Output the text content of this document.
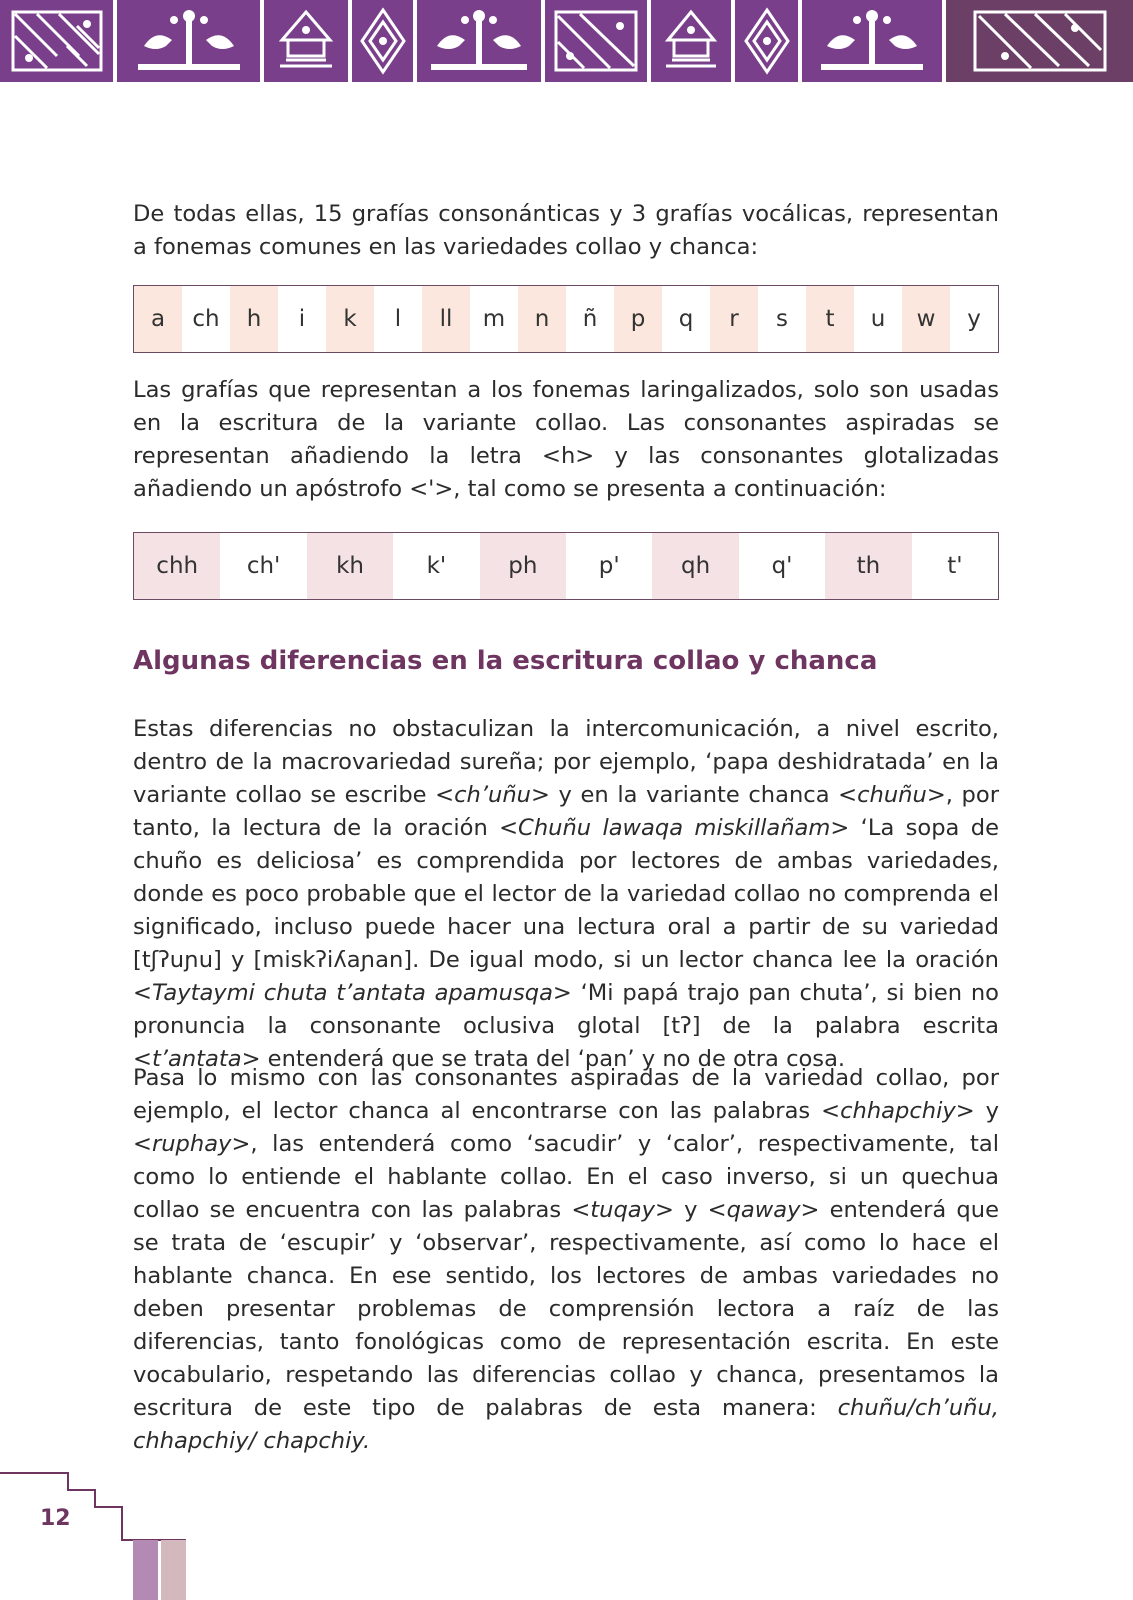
De todas ellas, 15 grafías consonánticas y 3 grafías vocálicas, representan a fonemas comunes en las variedades collao y chanca:

a	ch	h	i	k	l	ll	m	n	ñ	p	q	r	s	t	u	w	y

Las grafías que representan a los fonemas laringalizados, solo son usadas en la escritura de la variante collao. Las consonantes aspiradas se representan añadiendo la letra <h> y las consonantes glotalizadas añadiendo un apóstrofo <ꞌ>, tal como se presenta a continuación:

chh	chꞌ	kh	kꞌ	ph	pꞌ	qh	qꞌ	th	tꞌ
Algunas diferencias en la escritura collao y chanca

Estas diferencias no obstaculizan la intercomunicación, a nivel escrito, dentro de la macrovariedad sureña; por ejemplo, ‘papa deshidratada’ en la variante collao se escribe <ch’uñu> y en la variante chanca <chuñu>, por tanto, la lectura de la oración <Chuñu lawaqa miskillañam> ‘La sopa de chuño es deliciosa’ es comprendida por lectores de ambas variedades, donde es poco probable que el lector de la variedad collao no comprenda el significado, incluso puede hacer una lectura oral a partir de su variedad [tʃʔuɲu] y [miskʔiʎaɲan]. De igual modo, si un lector chanca lee la oración <Taytaymi chuta t’antata apamusqa> ‘Mi papá trajo pan chuta’, si bien no pronuncia la consonante oclusiva glotal [tʔ] de la palabra escrita <t’antata> entenderá que se trata del ‘pan’ y no de otra cosa.

Pasa lo mismo con las consonantes aspiradas de la variedad collao, por ejemplo, el lector chanca al encontrarse con las palabras <chhapchiy> y <ruphay>, las entenderá como ‘sacudir’ y ‘calor’, respectivamente, tal como lo entiende el hablante collao. En el caso inverso, si un quechua collao se encuentra con las palabras <tuqay> y <qaway> entenderá que se trata de ‘escupir’ y ‘observar’, respectivamente, así como lo hace el hablante chanca. En ese sentido, los lectores de ambas variedades no deben presentar problemas de comprensión lectora a raíz de las diferencias, tanto fonológicas como de representación escrita. En este vocabulario, respetando las diferencias collao y chanca, presentamos la escritura de este tipo de palabras de esta manera: chuñu/ch’uñu, chhapchiy/ chapchiy.

12
